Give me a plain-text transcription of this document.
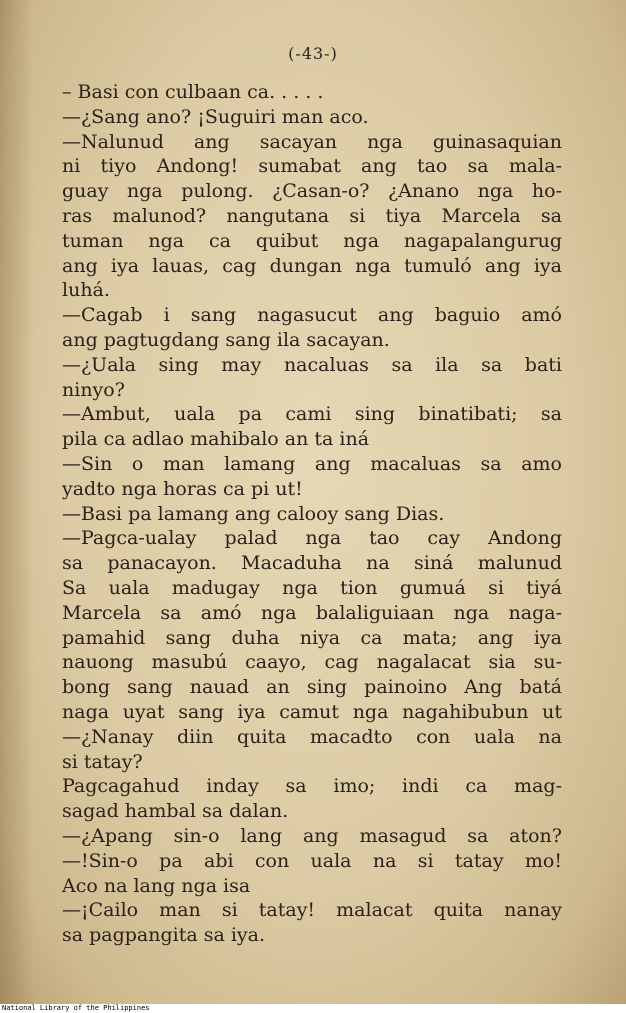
(-43-)
– Basi con culbaan ca. . . . .
—¿Sang ano? ¡Suguiri man aco.
—Nalunud ang sacayan nga guinasaquian
ni tiyo Andong! sumabat ang tao sa mala-
guay nga pulong. ¿Casan-o? ¿Anano nga ho-
ras malunod? nangutana si tiya Marcela sa
tuman nga ca quibut nga nagapalangurug
ang iya lauas, cag dungan nga tumuló ang iya
luhá.
—Cagab i sang nagasucut ang baguio amó
ang pagtugdang sang ila sacayan.
—¿Uala sing may nacaluas sa ila sa bati
ninyo?
—Ambut, uala pa cami sing binatibati; sa
pila ca adlao mahibalo an ta iná
—Sin o man lamang ang macaluas sa amo
yadto nga horas ca pi ut!
—Basi pa lamang ang calooy sang Dias.
—Pagca-ualay palad nga tao cay Andong
sa panacayon. Macaduha na siná malunud
Sa uala madugay nga tion gumuá si tiyá
Marcela sa amó nga balaliguiaan nga naga-
pamahid sang duha niya ca mata; ang iya
nauong masubú caayo, cag nagalacat sia su-
bong sang nauad an sing painoino Ang batá
naga uyat sang iya camut nga nagahibubun ut
—¿Nanay diin quita macadto con uala na
si tatay?
Pagcagahud inday sa imo; indi ca mag-
sagad hambal sa dalan.
—¿Apang sin-o lang ang masagud sa aton?
—!Sin-o pa abi con uala na si tatay mo!
Aco na lang nga isa
—¡Cailo man si tatay! malacat quita nanay
sa pagpangita sa iya.
National Library of the Philippines
